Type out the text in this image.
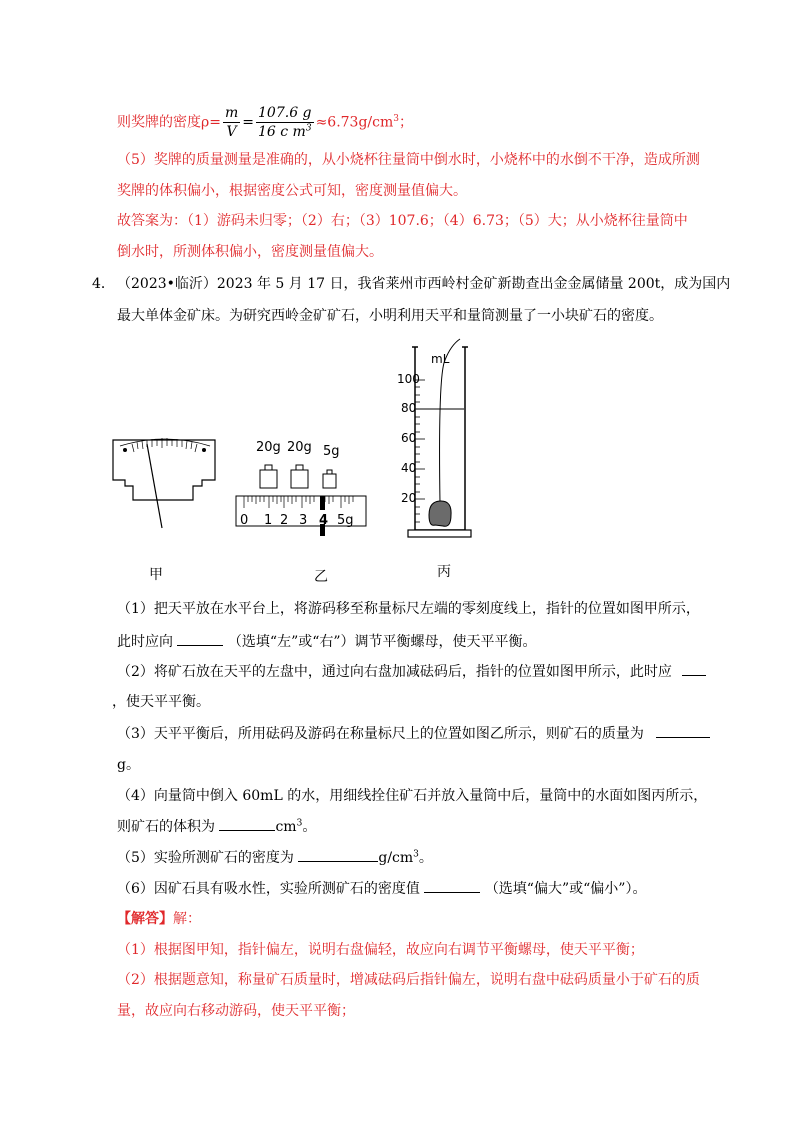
则奖牌的密度$\rho= \frac{m}{V} = \frac{107.6 g}{16 c m^3} \approx 6.73g/cm^3$；
（5）奖牌的质量测量是准确的，从小烧杯往量筒中倒水时，小烧杯中的水倒不干净，造成所测
奖牌的体积偏小，根据密度公式可知，密度测量值偏大。
故答案为：（1）游码未归零；（2）右；（3）107.6；（4）6.73；（5）大；从小烧杯往量筒中
倒水时，所测体积偏小，密度测量值偏大。
4． （2023•临沂）2023 年 5 月 17 日，我省莱州市西岭村金矿新勘查出金金属储量 200t，成为国内
最大单体金矿床。为研究西岭金矿矿石，小明利用天平和量筒测量了一小块矿石的密度。
甲
20g 20g 5g
0 1 2 3 4 5g
乙
mL
100
80
60
40
20
丙
（1）把天平放在水平台上，将游码移至称量标尺左端的零刻度线上，指针的位置如图甲所示，
此时应向	（选填“左”或“右”）调节平衡螺母，使天平平衡。
（2）将矿石放在天平的左盘中，通过向右盘加减砝码后，指针的位置如图甲所示，此时应
，使天平平衡。
（3）天平平衡后，所用砝码及游码在称量标尺上的位置如图乙所示，则矿石的质量为
g。
（4）向量筒中倒入 60mL 的水，用细线拴住矿石并放入量筒中后，量筒中的水面如图丙所示，
则矿石的体积为	$cm^3$。
（5）实验所测矿石的密度为	$g/cm^3$。
（6）因矿石具有吸水性，实验所测矿石的密度值	（选填“偏大”或“偏小”）。
【解答】解：
（1）根据图甲知，指针偏左，说明右盘偏轻，故应向右调节平衡螺母，使天平平衡；
（2）根据题意知，称量矿石质量时，增减砝码后指针偏左，说明右盘中砝码质量小于矿石的质
量，故应向右移动游码，使天平平衡；
